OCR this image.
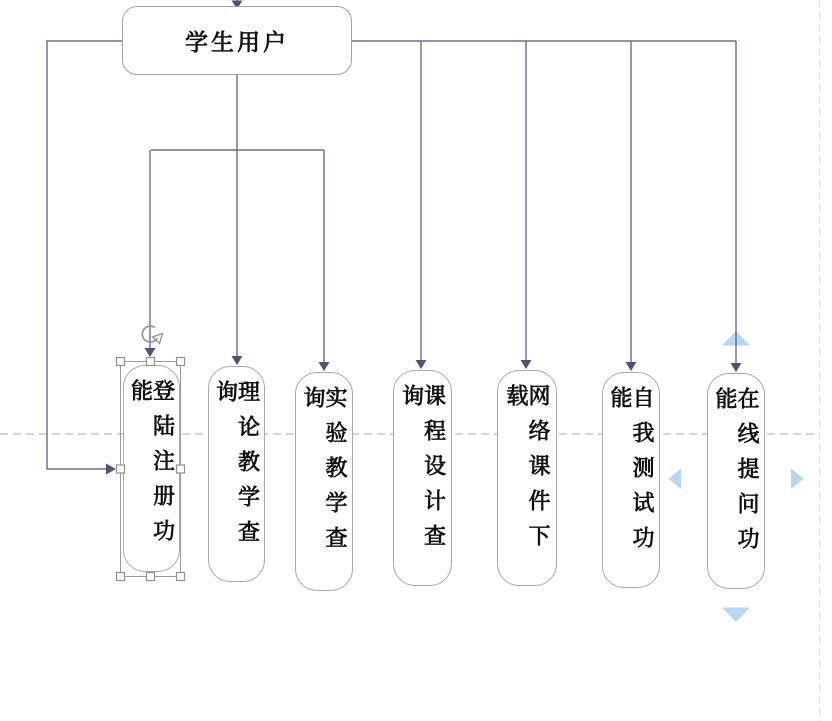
学生用户
登陆注册功能	理论教学查询	实验教学查询	课程设计查询	网络课件下载	自我测试功能	在线提问功能
